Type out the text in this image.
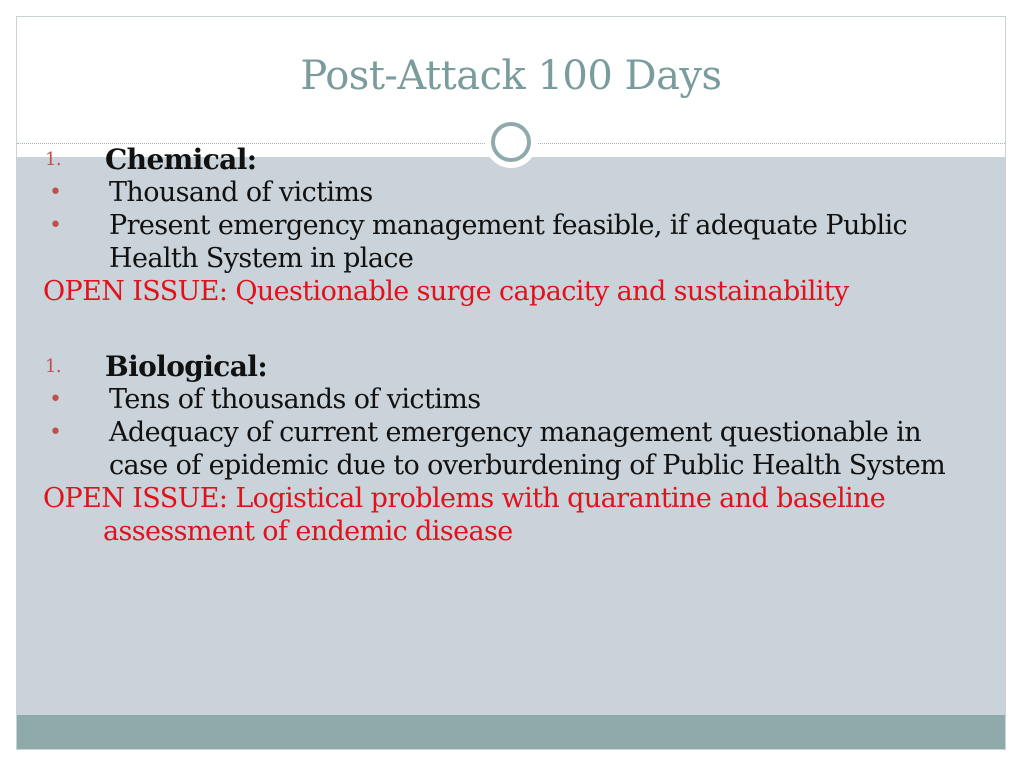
Post-Attack 100 Days
1.	Chemical:
•	Thousand of victims
•	Present emergency management feasible, if adequate Public Health System in place
OPEN ISSUE: Questionable surge capacity and sustainability
1.	Biological:
•	Tens of thousands of victims
•	Adequacy of current emergency management questionable in case of epidemic due to overburdening of Public Health System
OPEN ISSUE: Logistical problems with quarantine and baseline assessment of endemic disease
